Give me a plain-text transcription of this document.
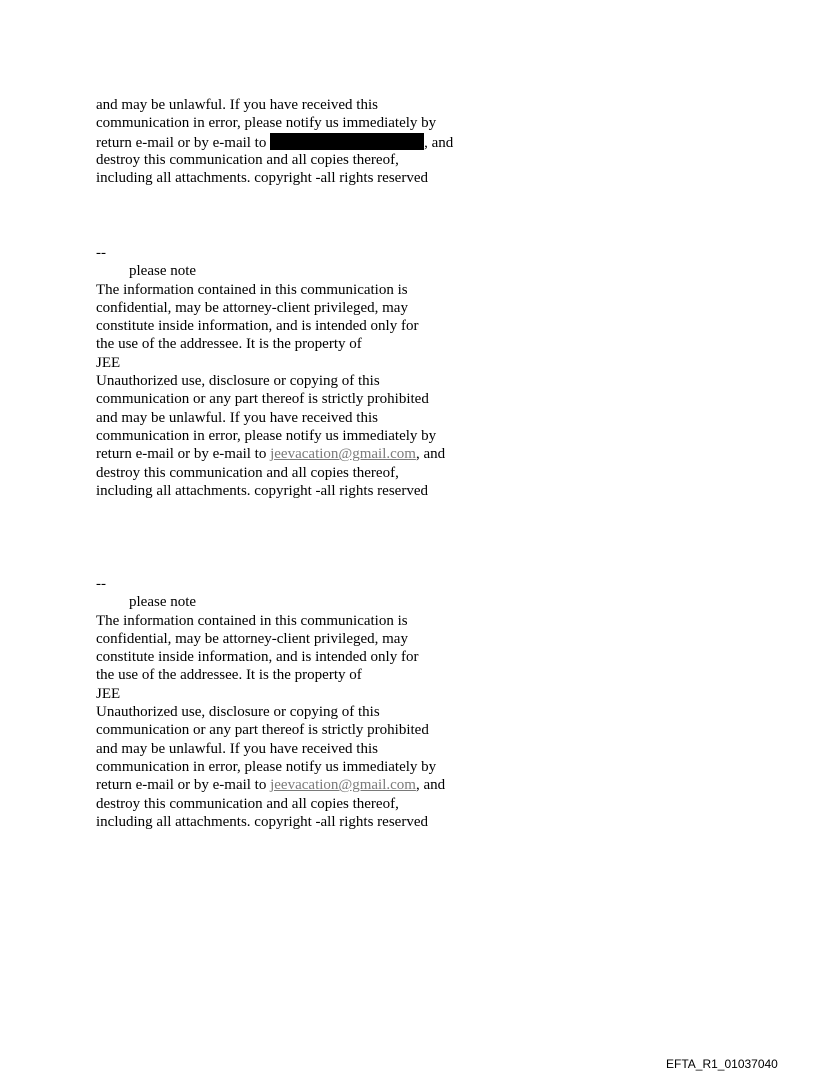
and may be unlawful. If you have received this
communication in error, please notify us immediately by
return e-mail or by e-mail to	, and
destroy this communication and all copies thereof,
including all attachments. copyright -all rights reserved
--
please note
The information contained in this communication is
confidential, may be attorney-client privileged, may
constitute inside information, and is intended only for
the use of the addressee. It is the property of
JEE
Unauthorized use, disclosure or copying of this
communication or any part thereof is strictly prohibited
and may be unlawful. If you have received this
communication in error, please notify us immediately by
return e-mail or by e-mail to jeevacation@gmail.com, and
destroy this communication and all copies thereof,
including all attachments. copyright -all rights reserved
--
please note
The information contained in this communication is
confidential, may be attorney-client privileged, may
constitute inside information, and is intended only for
the use of the addressee. It is the property of
JEE
Unauthorized use, disclosure or copying of this
communication or any part thereof is strictly prohibited
and may be unlawful. If you have received this
communication in error, please notify us immediately by
return e-mail or by e-mail to jeevacation@gmail.com, and
destroy this communication and all copies thereof,
including all attachments. copyright -all rights reserved
EFTA_R1_01037040
